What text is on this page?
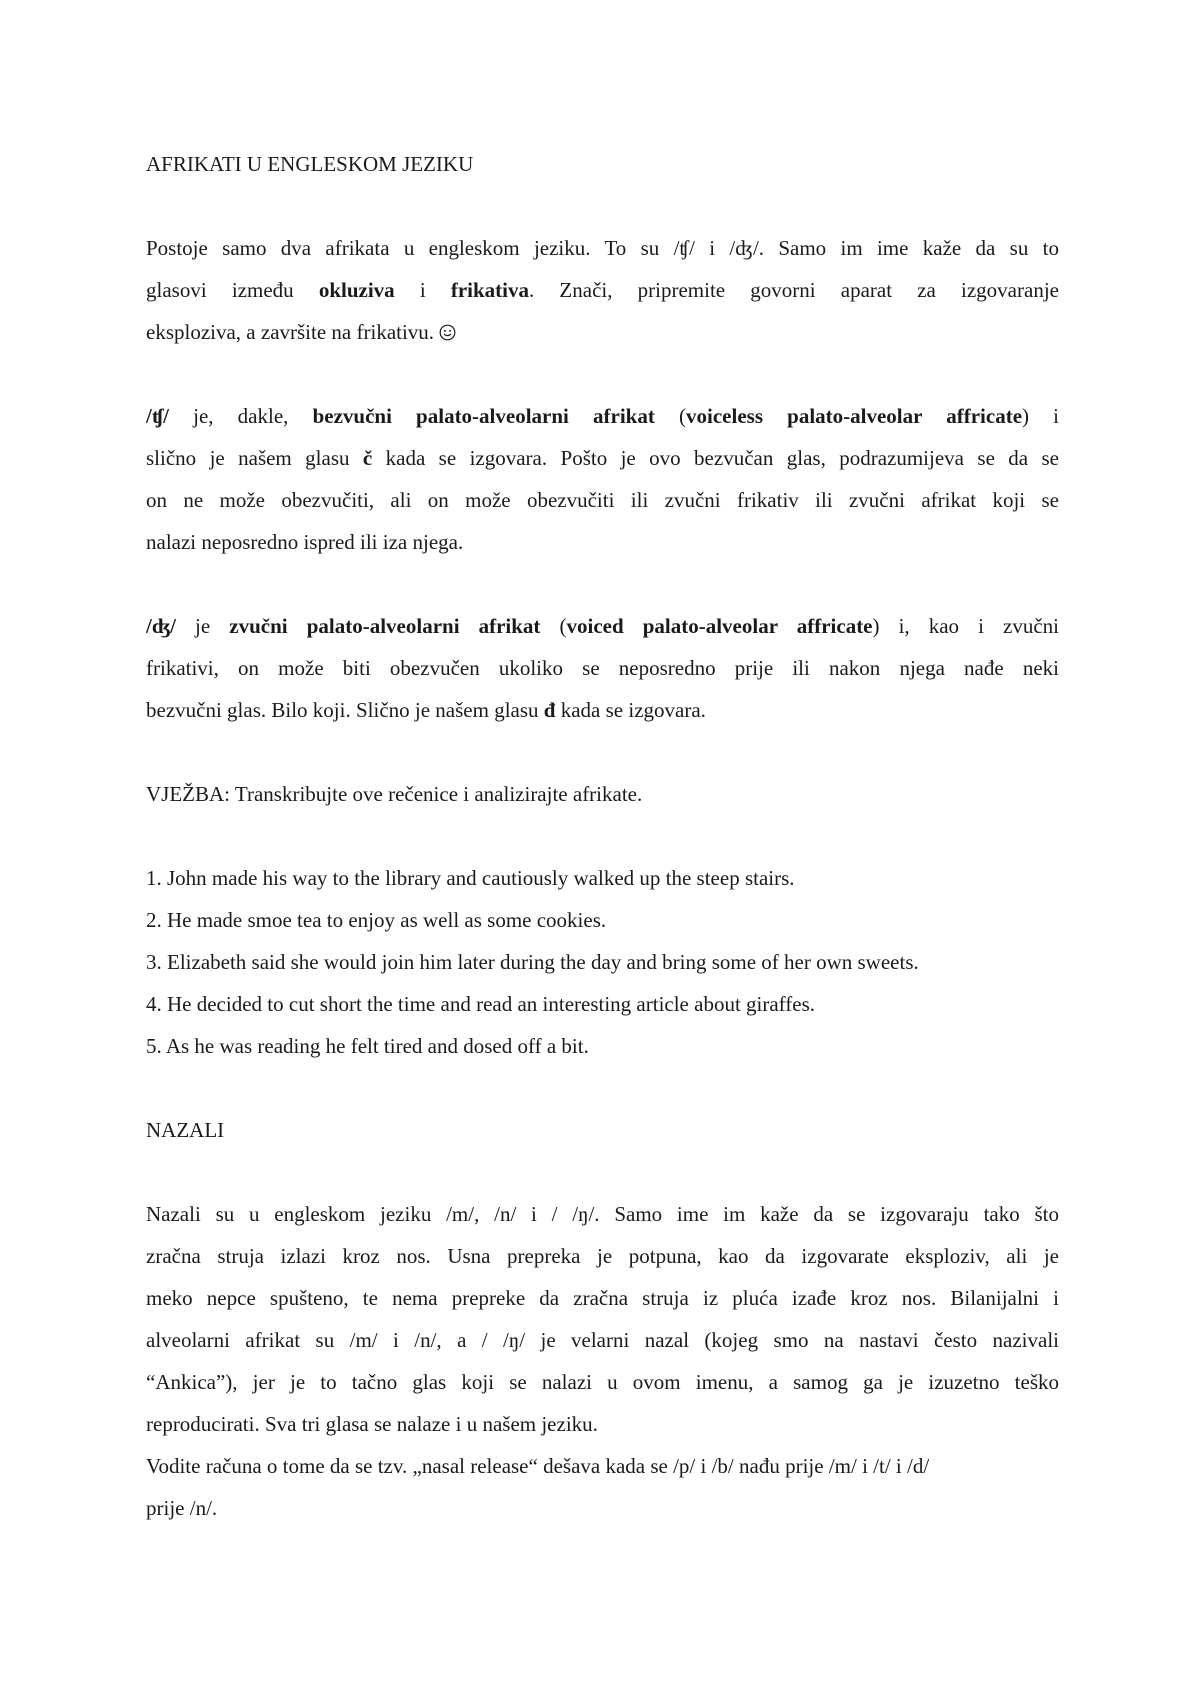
AFRIKATI U ENGLESKOM JEZIKU
Postoje samo dva afrikata u engleskom jeziku. To su /ʧ/ i /ʤ/. Samo im ime kaže da su to
glasovi između okluziva i frikativa. Znači, pripremite govorni aparat za izgovaranje
eksploziva, a završite na frikativu.
/ʧ/ je, dakle, bezvučni palato-alveolarni afrikat (voiceless palato-alveolar affricate) i
slično je našem glasu č kada se izgovara. Pošto je ovo bezvučan glas, podrazumijeva se da se
on ne može obezvučiti, ali on može obezvučiti ili zvučni frikativ ili zvučni afrikat koji se
nalazi neposredno ispred ili iza njega.
/ʤ/ je zvučni palato-alveolarni afrikat (voiced palato-alveolar affricate) i, kao i zvučni
frikativi, on može biti obezvučen ukoliko se neposredno prije ili nakon njega nađe neki
bezvučni glas. Bilo koji. Slično je našem glasu đ kada se izgovara.
VJEŽBA: Transkribujte ove rečenice i analizirajte afrikate.
1. John made his way to the library and cautiously walked up the steep stairs.
2. He made smoe tea to enjoy as well as some cookies.
3. Elizabeth said she would join him later during the day and bring some of her own sweets.
4. He decided to cut short the time and read an interesting article about giraffes.
5. As he was reading he felt tired and dosed off a bit.
NAZALI
Nazali su u engleskom jeziku /m/, /n/ i / /ŋ/. Samo ime im kaže da se izgovaraju tako što
zračna struja izlazi kroz nos. Usna prepreka je potpuna, kao da izgovarate eksploziv, ali je
meko nepce spušteno, te nema prepreke da zračna struja iz pluća izađe kroz nos. Bilanijalni i
alveolarni afrikat su /m/ i /n/, a / /ŋ/ je velarni nazal (kojeg smo na nastavi često nazivali
“Ankica”), jer je to tačno glas koji se nalazi u ovom imenu, a samog ga je izuzetno teško
reproducirati. Sva tri glasa se nalaze i u našem jeziku.
Vodite računa o tome da se tzv. „nasal release“ dešava kada se /p/ i /b/ nađu prije /m/ i /t/ i /d/
prije /n/.
